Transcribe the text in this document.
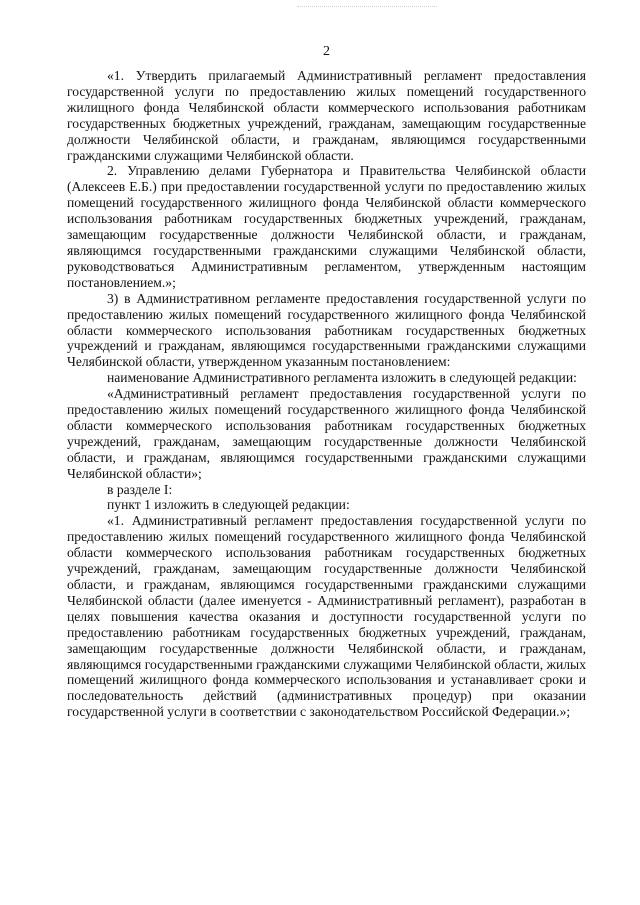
2

«1. Утвердить прилагаемый Административный регламент предоставления государственной услуги по предоставлению жилых помещений государственного жилищного фонда Челябинской области коммерческого использования работникам государственных бюджетных учреждений, гражданам, замещающим государственные должности Челябинской области, и гражданам, являющимся государственными гражданскими служащими Челябинской области.

2. Управлению делами Губернатора и Правительства Челябинской области (Алексеев Е.Б.) при предоставлении государственной услуги по предоставлению жилых помещений государственного жилищного фонда Челябинской области коммерческого использования работникам государственных бюджетных учреждений, гражданам, замещающим государственные должности Челябинской области, и гражданам, являющимся государственными гражданскими служащими Челябинской области, руководствоваться Административным регламентом, утвержденным настоящим постановлением.»;

3) в Административном регламенте предоставления государственной услуги по предоставлению жилых помещений государственного жилищного фонда Челябинской области коммерческого использования работникам государственных бюджетных учреждений и гражданам, являющимся государственными гражданскими служащими Челябинской области, утвержденном указанным постановлением:

наименование Административного регламента изложить в следующей редакции:

«Административный регламент предоставления государственной услуги по предоставлению жилых помещений государственного жилищного фонда Челябинской области коммерческого использования работникам государственных бюджетных учреждений, гражданам, замещающим государственные должности Челябинской области, и гражданам, являющимся государственными гражданскими служащими Челябинской области»;

в разделе I:

пункт 1 изложить в следующей редакции:

«1. Административный регламент предоставления государственной услуги по предоставлению жилых помещений государственного жилищного фонда Челябинской области коммерческого использования работникам государственных бюджетных учреждений, гражданам, замещающим государственные должности Челябинской области, и гражданам, являющимся государственными гражданскими служащими Челябинской области (далее именуется - Административный регламент), разработан в целях повышения качества оказания и доступности государственной услуги по предоставлению работникам государственных бюджетных учреждений, гражданам, замещающим государственные должности Челябинской области, и гражданам, являющимся государственными гражданскими служащими Челябинской области, жилых помещений жилищного фонда коммерческого использования и устанавливает сроки и последовательность действий (административных процедур) при оказании государственной услуги в соответствии с законодательством Российской Федерации.»;
